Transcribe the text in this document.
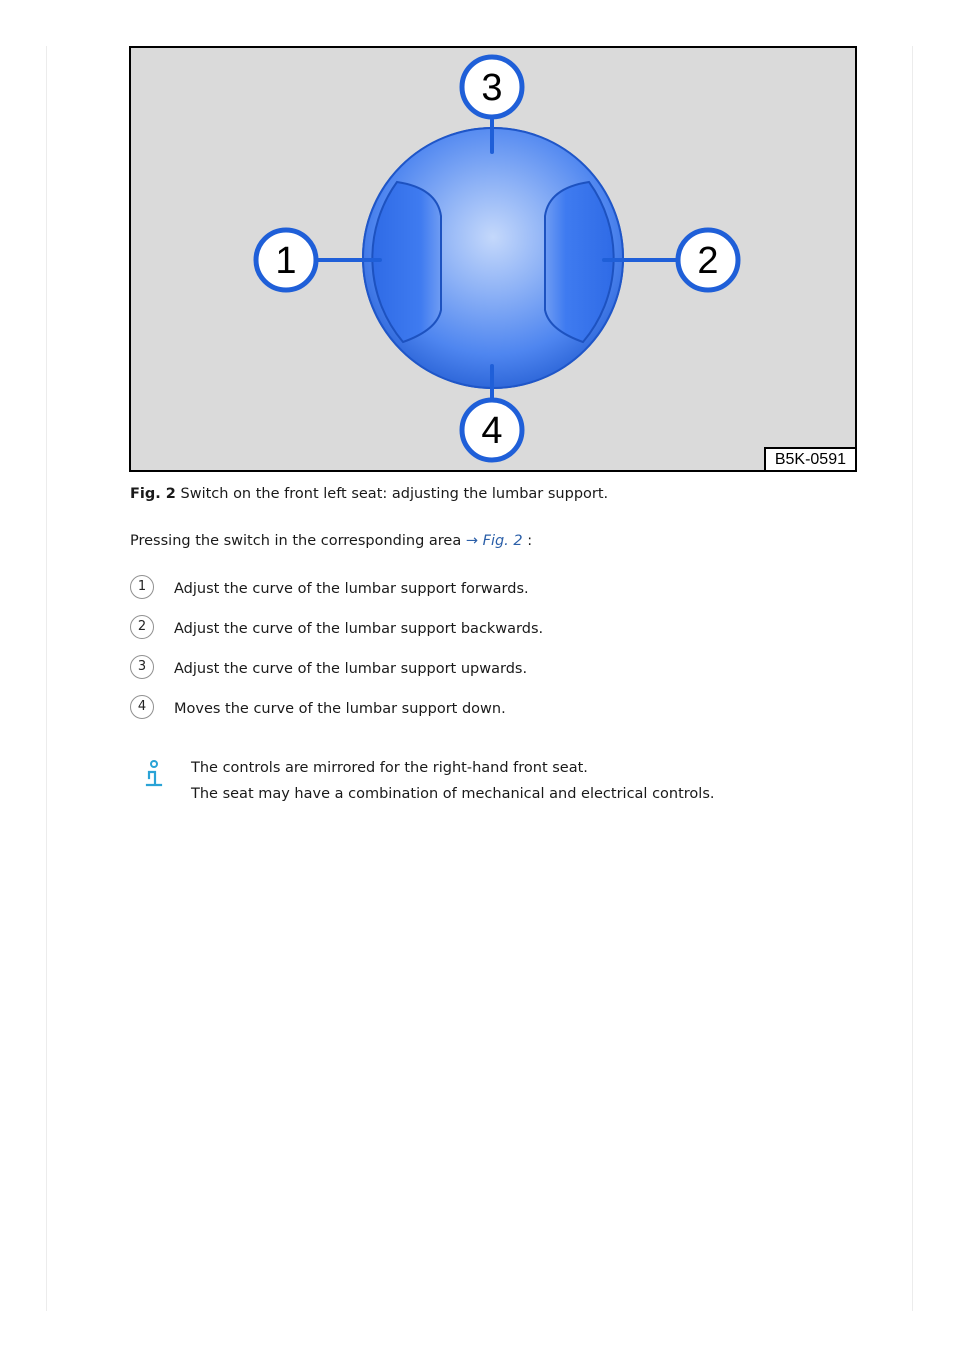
3
1	2
4
B5K-0591
Fig. 2 Switch on the front left seat: adjusting the lumbar support.
Pressing the switch in the corresponding area → Fig. 2 :
1	Adjust the curve of the lumbar support forwards.
2	Adjust the curve of the lumbar support backwards.
3	Adjust the curve of the lumbar support upwards.
4	Moves the curve of the lumbar support down.
The controls are mirrored for the right-hand front seat.
The seat may have a combination of mechanical and electrical controls.
